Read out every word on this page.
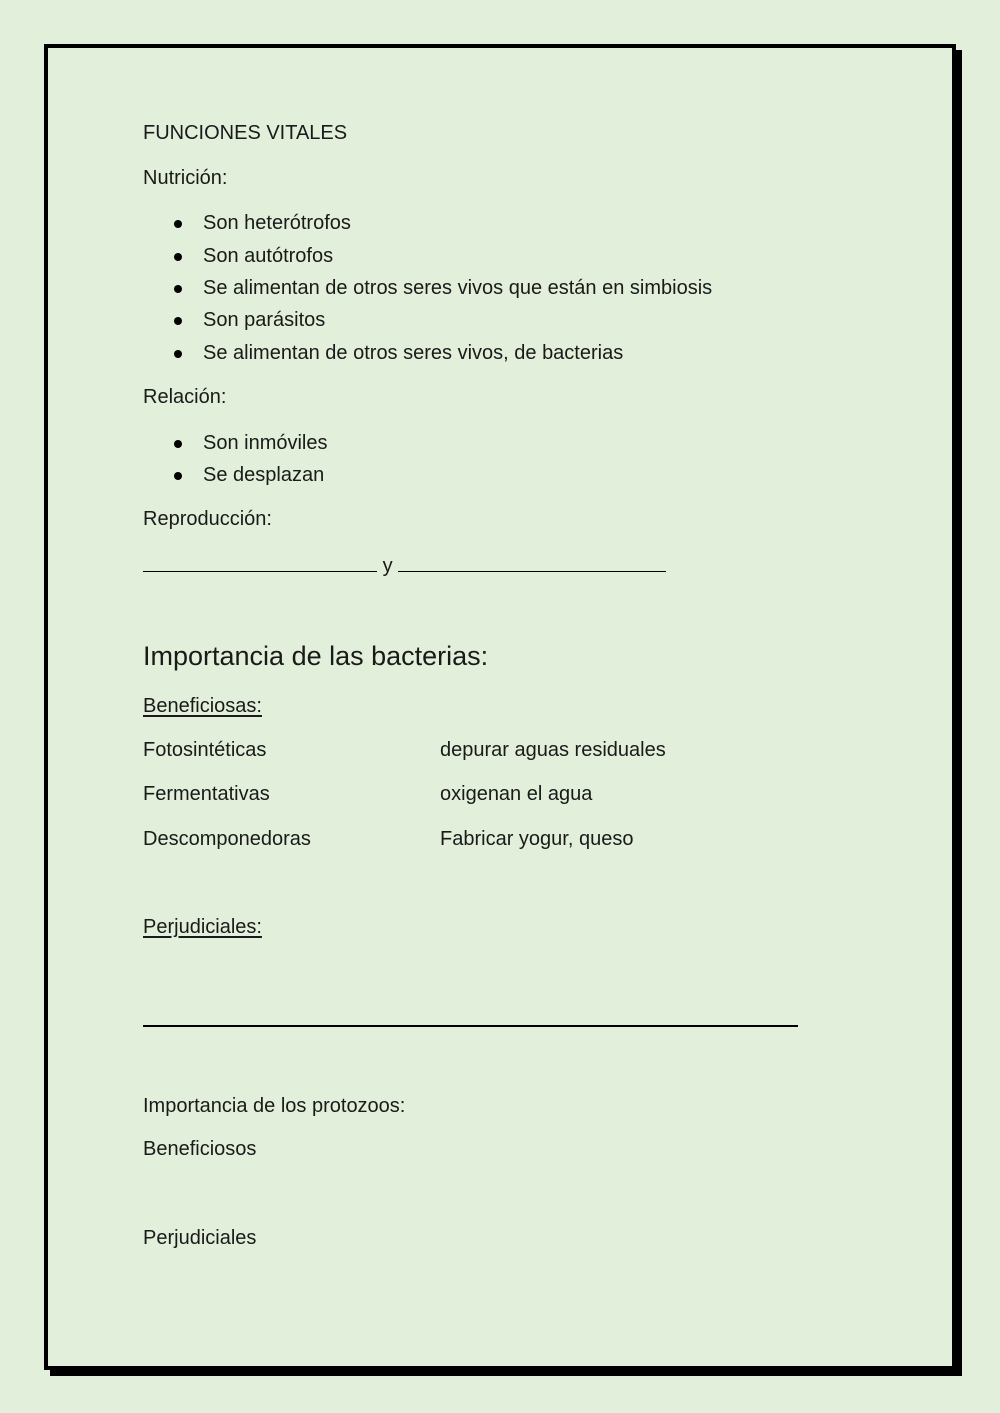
FUNCIONES VITALES
Nutrición:
Son heterótrofos
Son autótrofos
Se alimentan de otros seres vivos que están en simbiosis
Son parásitos
Se alimentan de otros seres vivos, de bacterias
Relación:
Son inmóviles
Se desplazan
Reproducción:
y
Importancia de las bacterias:
Beneficiosas:
Fotosintéticas	depurar aguas residuales
Fermentativas	oxigenan el agua
Descomponedoras	Fabricar yogur, queso
Perjudiciales:
Importancia de los protozoos:
Beneficiosos
Perjudiciales
